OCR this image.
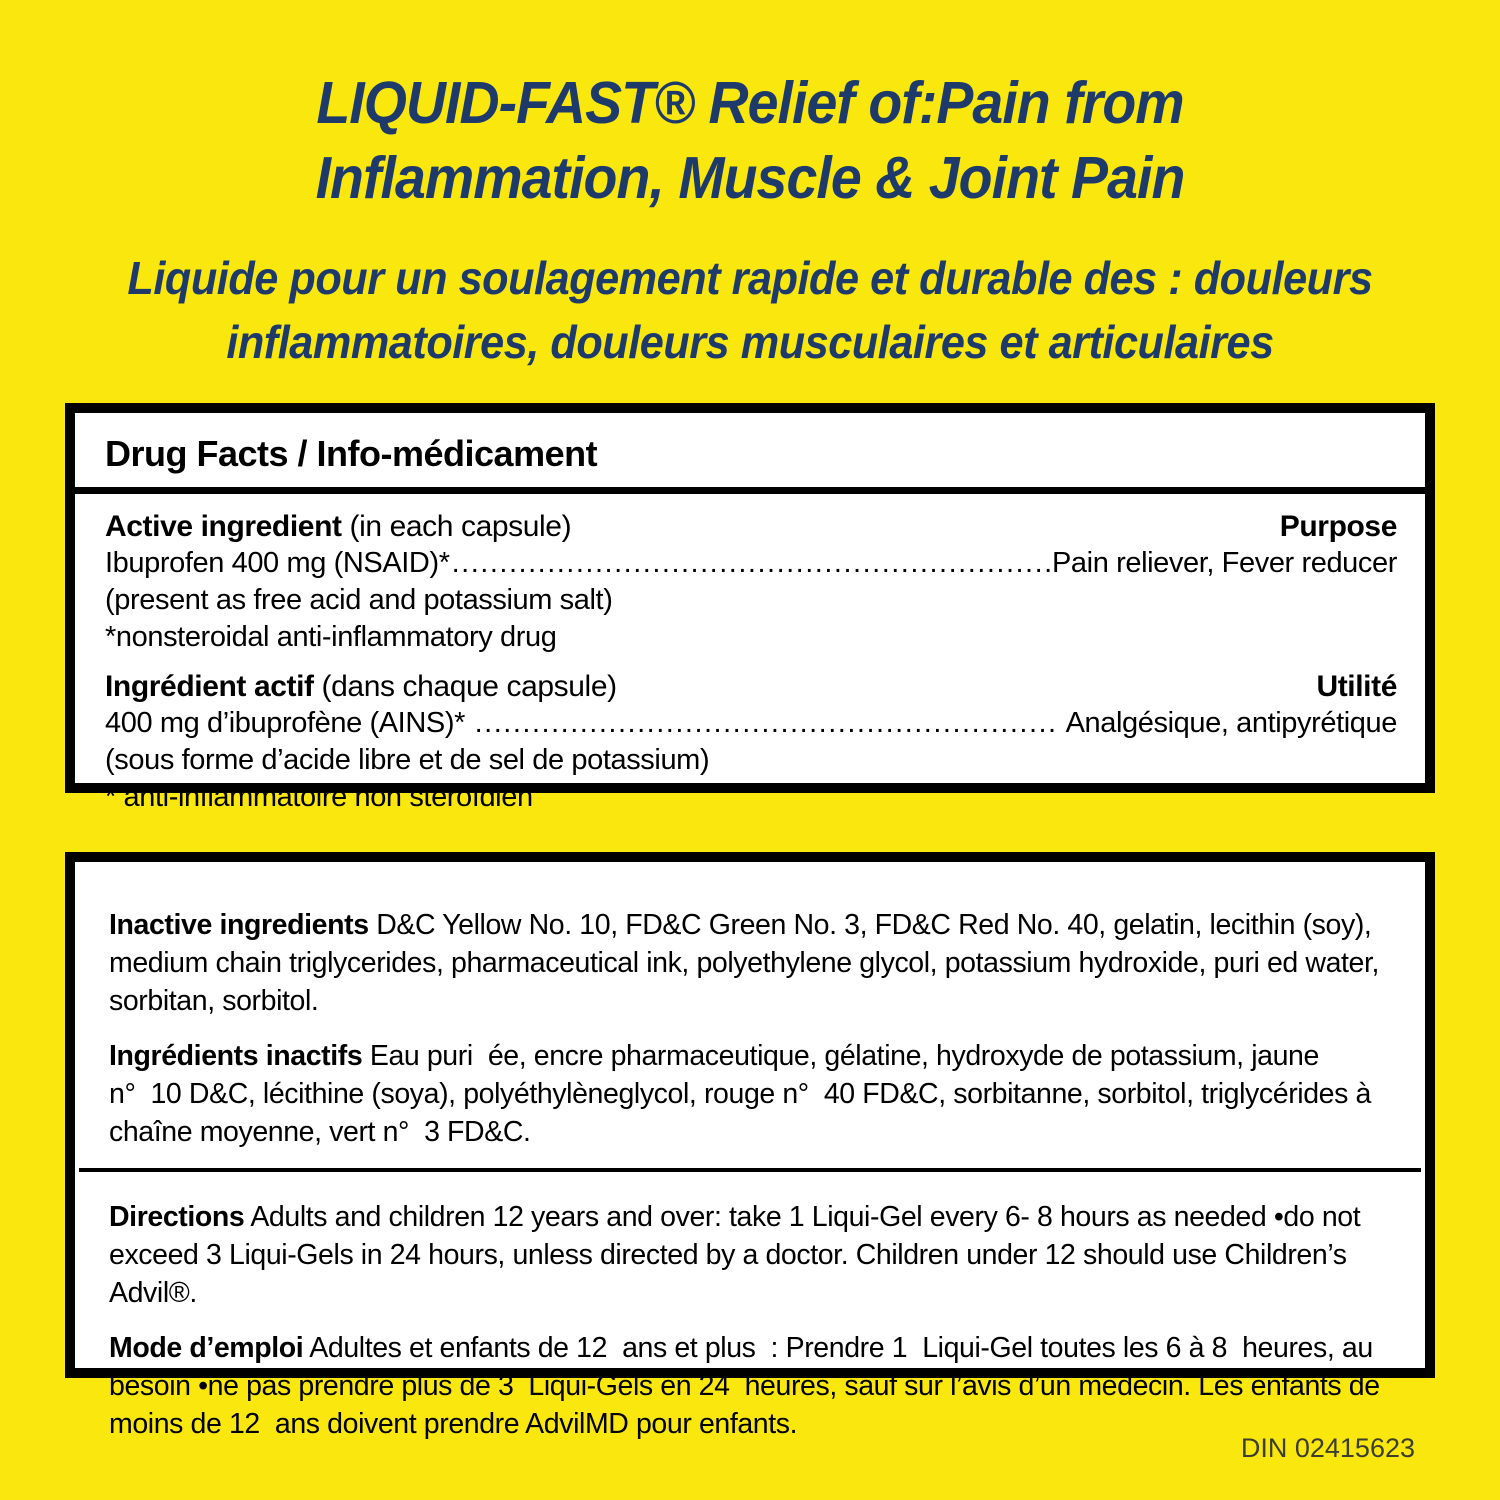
LIQUID-FAST® Relief of:Pain from
Inflammation, Muscle & Joint Pain
Liquide pour un soulagement rapide et durable des : douleurs
inflammatoires, douleurs musculaires et articulaires
Drug Facts / Info-médicament
Active ingredient (in each capsule)	Purpose
Ibuprofen 400 mg (NSAID)* .....	Pain reliever, Fever reducer
(present as free acid and potassium salt)
*nonsteroidal anti-inflammatory drug
Ingrédient actif (dans chaque capsule)	Utilité
400 mg d’ibuprofène (AINS)* .....	Analgésique, antipyrétique
(sous forme d’acide libre et de sel de potassium)
* anti-inflammatoire non stéroïdien

Inactive ingredients D&C Yellow No. 10, FD&C Green No. 3, FD&C Red No. 40, gelatin, lecithin (soy), medium chain triglycerides, pharmaceutical ink, polyethylene glycol, potassium hydroxide, puri ed water, sorbitan, sorbitol.

Ingrédients inactifs Eau puri  ée, encre pharmaceutique, gélatine, hydroxyde de potassium, jaune n°  10 D&C, lécithine (soya), polyéthylèneglycol, rouge n°  40 FD&C, sorbitanne, sorbitol, triglycérides à chaîne moyenne, vert n°  3 FD&C.

Directions Adults and children 12 years and over: take 1 Liqui-Gel every 6- 8 hours as needed •do not exceed 3 Liqui-Gels in 24 hours, unless directed by a doctor. Children under 12 should use Children’s Advil®.

Mode d’emploi Adultes et enfants de 12  ans et plus  : Prendre 1  Liqui-Gel toutes les 6 à 8  heures, au besoin •ne pas prendre plus de 3  Liqui-Gels en 24  heures, sauf sur l’avis d’un médecin. Les enfants de moins de 12  ans doivent prendre AdvilMD pour enfants.

DIN 02415623
